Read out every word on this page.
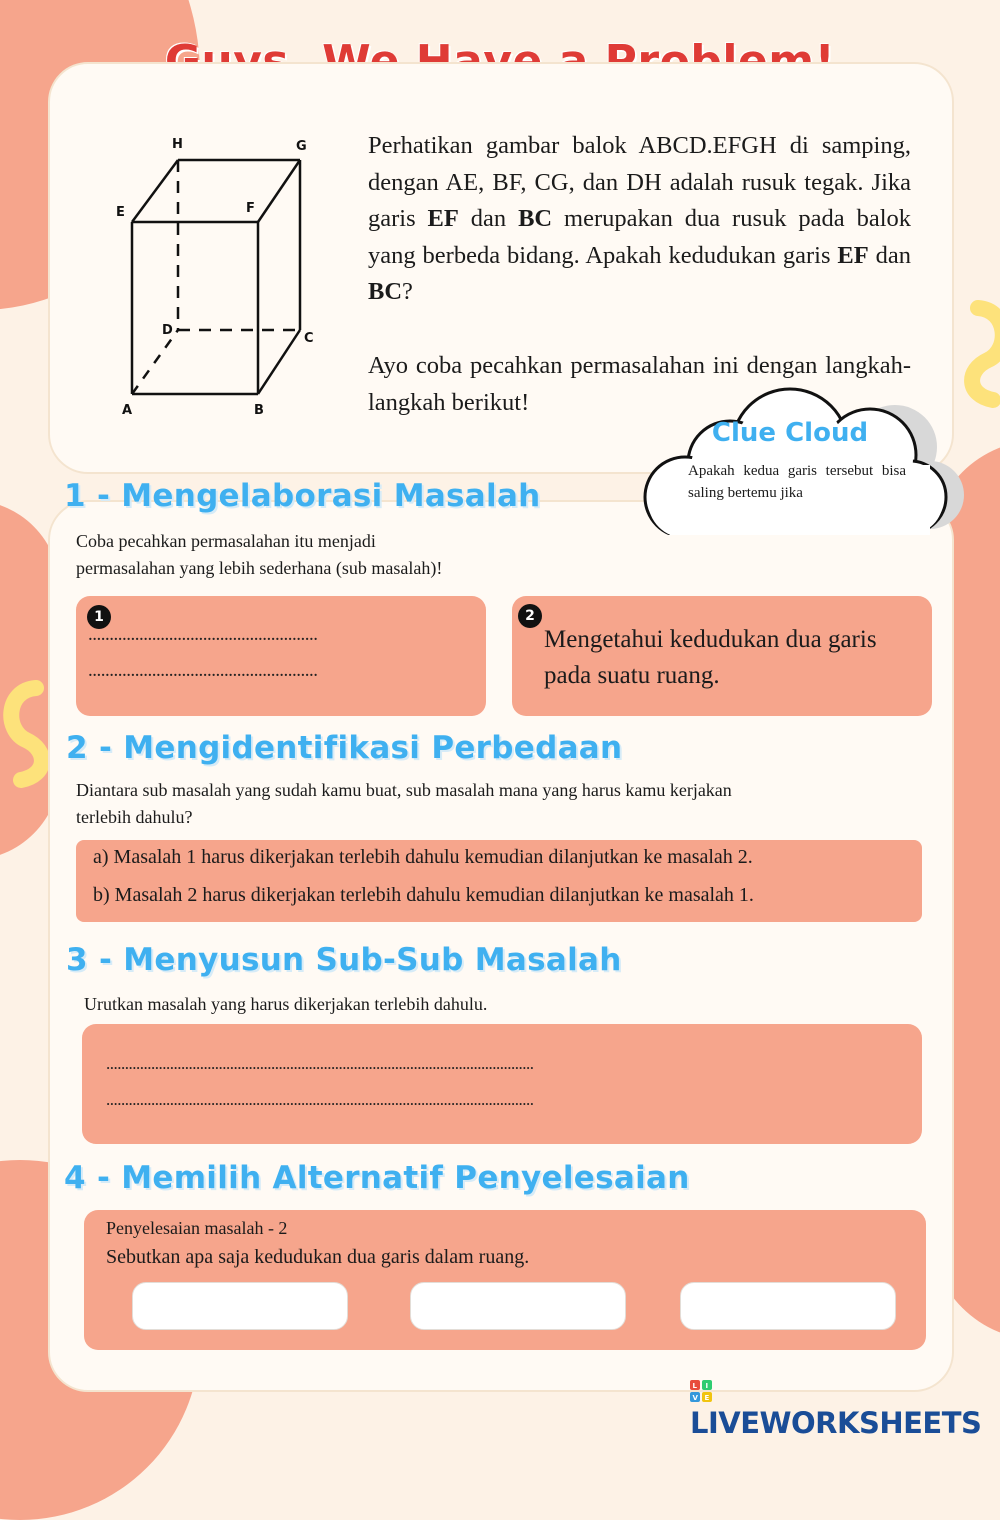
H	G
E	F
D
C
A	B

Perhatikan gambar balok ABCD.EFGH di samping, dengan AE, BF, CG, dan DH adalah rusuk tegak. Jika garis EF dan BC merupakan dua rusuk pada balok yang berbeda bidang. Apakah kedudukan garis EF dan BC?

Ayo coba pecahkan permasalahan ini dengan langkah-langkah berikut!

Clue Cloud

Apakah kedua garis tersebut bisa saling bertemu jika

1 - Mengelaborasi Masalah

Coba pecahkan permasalahan itu menjadi

permasalahan yang lebih sederhana (sub masalah)!

1
......................................................
......................................................
2
Mengetahui kedudukan dua garis
pada suatu ruang.
2 - Mengidentifikasi Perbedaan

Diantara sub masalah yang sudah kamu buat, sub masalah mana yang harus kamu kerjakan

terlebih dahulu?

a) Masalah 1 harus dikerjakan terlebih dahulu kemudian dilanjutkan ke masalah 2.
b) Masalah 2 harus dikerjakan terlebih dahulu kemudian dilanjutkan ke masalah 1.
3 - Menyusun Sub-Sub Masalah

Urutkan masalah yang harus dikerjakan terlebih dahulu.

..................................................................................................................
..................................................................................................................
4 - Memilih Alternatif Penyelesaian
Penyelesaian masalah - 2
Sebutkan apa saja kedudukan dua garis dalam ruang.
L I
V E
LIVEWORKSHEETS
